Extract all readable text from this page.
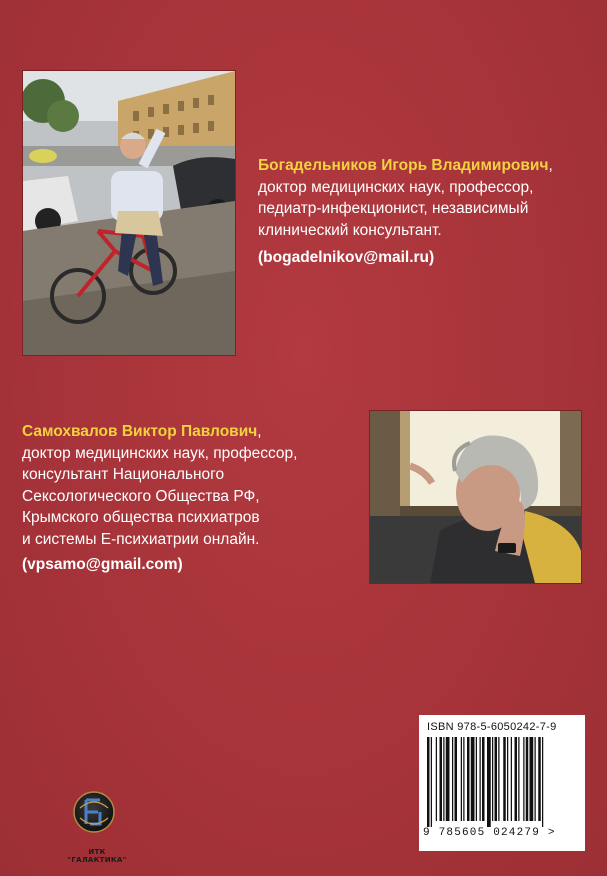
Богадельников Игорь Владимирович,
доктор медицинских наук, профессор,
педиатр-инфекционист, независимый
клинический консультант.
(bogadelnikov@mail.ru)
Самохвалов Виктор Павлович,
доктор медицинских наук, профессор,
консультант Национального
Сексологического Общества РФ,
Крымского общества психиатров
и системы Е-психиатрии онлайн.
(vpsamo@gmail.com)
ИТК "ГАЛАКТИКА"
ISBN 978-5-6050242-7-9
9 785605 024279 >
